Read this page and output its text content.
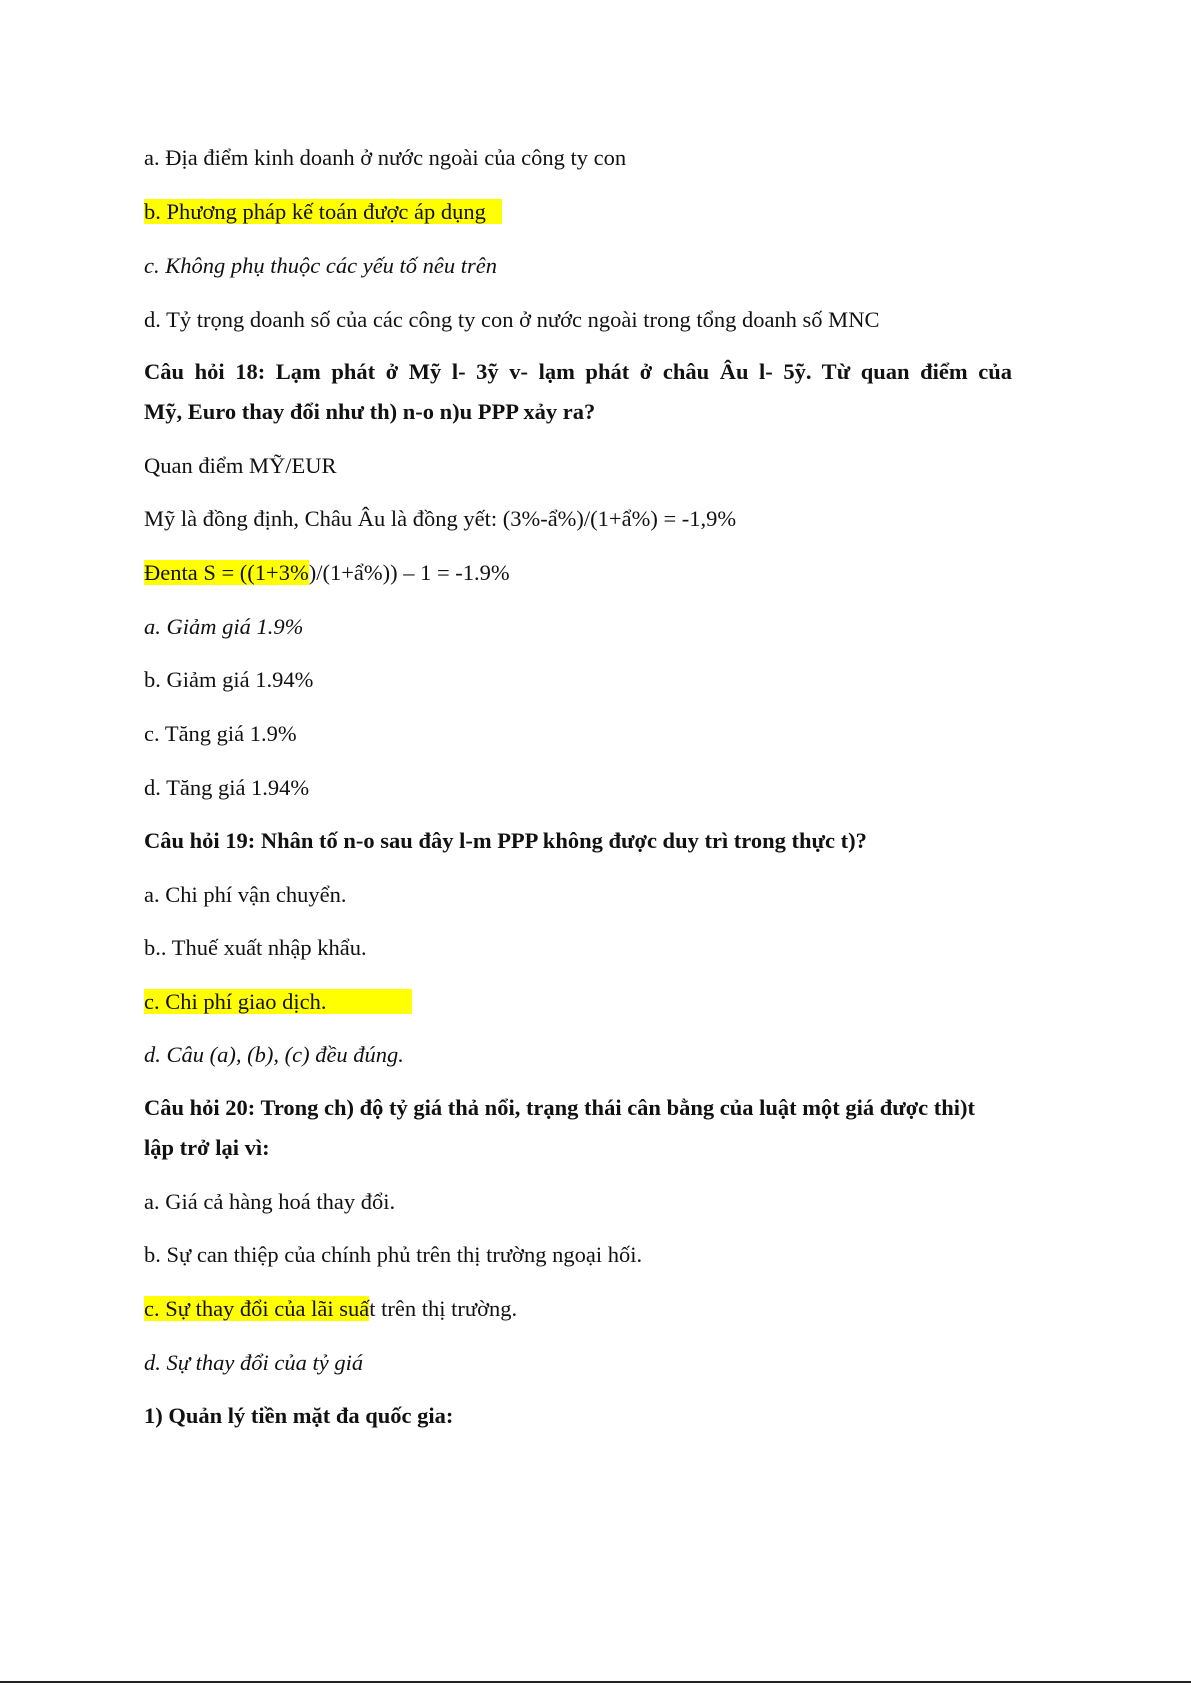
a. Địa điểm kinh doanh ở nước ngoài của công ty con
b. Phương pháp kế toán được áp dụng
c. Không phụ thuộc các yếu tố nêu trên
d. Tỷ trọng doanh số của các công ty con ở nước ngoài trong tổng doanh số MNC
Câu hỏi 18: Lạm phát ở Mỹ l- 3ỹ v- lạm phát ở châu Âu l- 5ỹ. Từ quan điểm của
Mỹ, Euro thay đổi như th) n-o n)u PPP xảy ra?
Quan điểm MỸ/EUR
Mỹ là đồng định, Châu Âu là đồng yết: (3%-ẩ%)/(1+ẩ%) = -1,9%
Đenta S = ((1+3%)/(1+ẩ%)) – 1 = -1.9%
a. Giảm giá 1.9%
b. Giảm giá 1.94%
c. Tăng giá 1.9%
d. Tăng giá 1.94%
Câu hỏi 19: Nhân tố n-o sau đây l-m PPP không được duy trì trong thực t)?
a. Chi phí vận chuyển.
b.. Thuế xuất nhập khẩu.
c. Chi phí giao dịch.
d. Câu (a), (b), (c) đều đúng.
Câu hỏi 20: Trong ch) độ tỷ giá thả nổi, trạng thái cân bằng của luật một giá được thi)t
lập trở lại vì:
a. Giá cả hàng hoá thay đổi.
b. Sự can thiệp của chính phủ trên thị trường ngoại hối.
c. Sự thay đổi của lãi suất trên thị trường.
d. Sự thay đổi của tỷ giá
1) Quản lý tiền mặt đa quốc gia:
